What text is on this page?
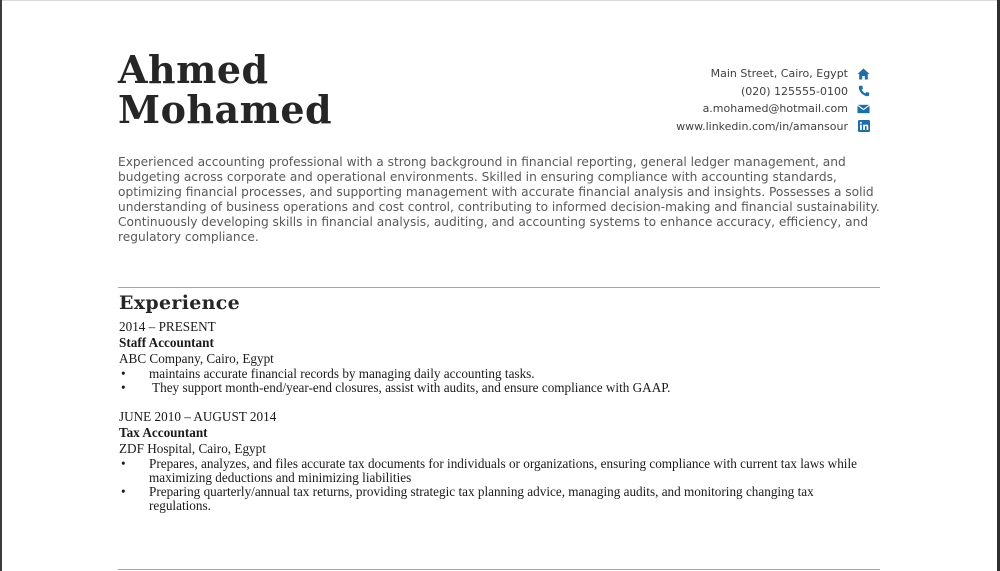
Ahmed
Mohamed
Main Street, Cairo, Egypt
(020) 125555-0100
a.mohamed@hotmail.com
www.linkedin.com/in/amansour

Experienced accounting professional with a strong background in financial reporting, general ledger management, and budgeting across corporate and operational environments. Skilled in ensuring compliance with accounting standards, optimizing financial processes, and supporting management with accurate financial analysis and insights. Possesses a solid understanding of business operations and cost control, contributing to informed decision-making and financial sustainability. Continuously developing skills in financial analysis, auditing, and accounting systems to enhance accuracy, efficiency, and regulatory compliance.

Experience
2014 – PRESENT
Staff Accountant
ABC Company, Cairo, Egypt
• maintains accurate financial records by managing daily accounting tasks.
• They support month-end/year-end closures, assist with audits, and ensure compliance with GAAP.
JUNE 2010 – AUGUST 2014
Tax Accountant
ZDF Hospital, Cairo, Egypt
• Prepares, analyzes, and files accurate tax documents for individuals or organizations, ensuring compliance with current tax laws while maximizing deductions and minimizing liabilities
• Preparing quarterly/annual tax returns, providing strategic tax planning advice, managing audits, and monitoring changing tax regulations.
